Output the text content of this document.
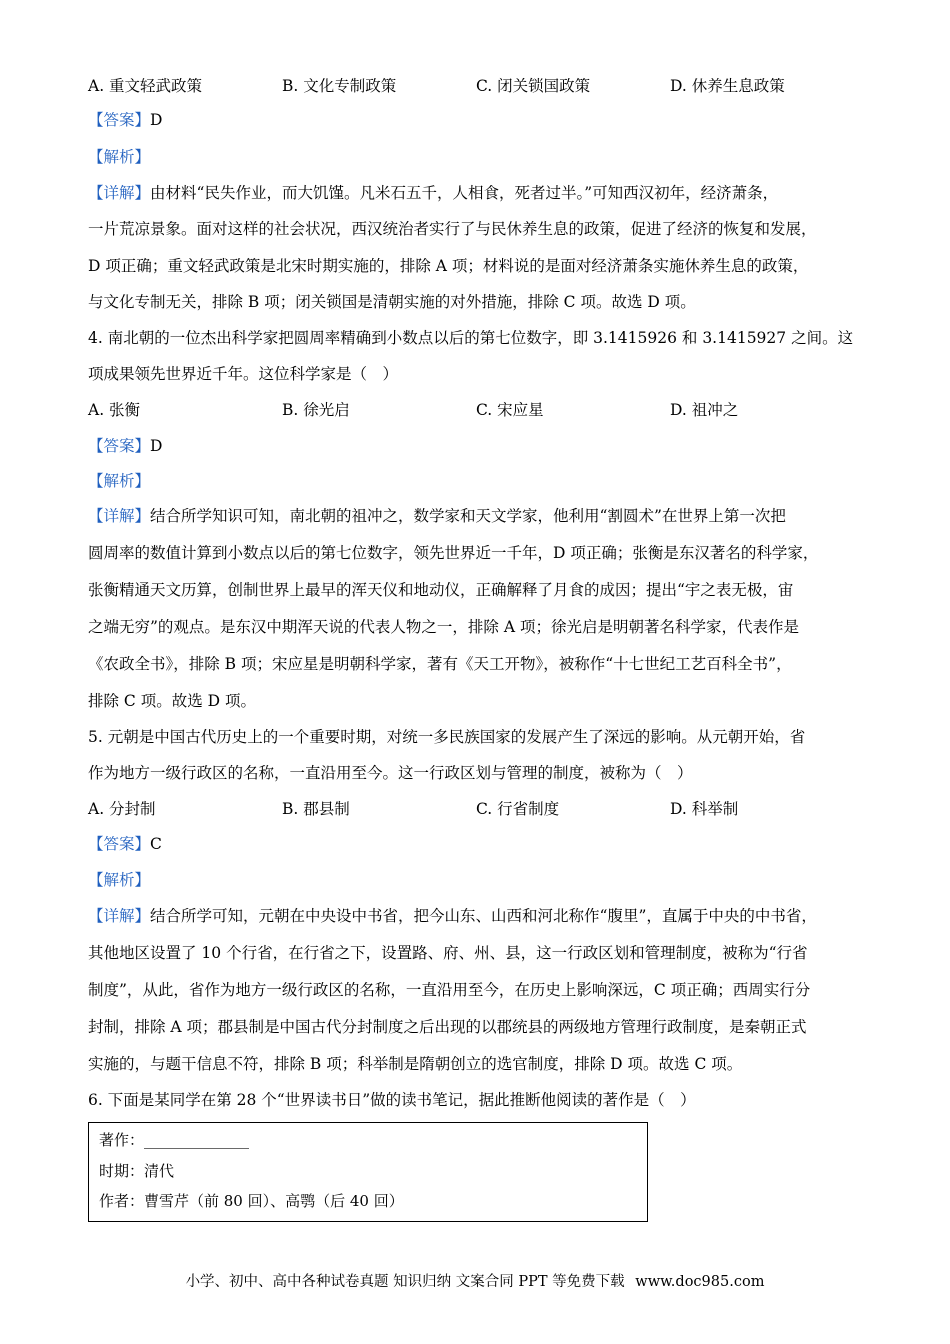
A. 重文轻武政策	B. 文化专制政策	C. 闭关锁国政策	D. 休养生息政策
【答案】D
【解析】
【详解】由材料“民失作业，而大饥馑。凡米石五千，人相食，死者过半。”可知西汉初年，经济萧条，
一片荒凉景象。面对这样的社会状况，西汉统治者实行了与民休养生息的政策，促进了经济的恢复和发展，
D 项正确；重文轻武政策是北宋时期实施的，排除 A 项；材料说的是面对经济萧条实施休养生息的政策，
与文化专制无关，排除 B 项；闭关锁国是清朝实施的对外措施，排除 C 项。故选 D 项。
4. 南北朝的一位杰出科学家把圆周率精确到小数点以后的第七位数字，即 3.1415926 和 3.1415927 之间。这
项成果领先世界近千年。这位科学家是（　）
A. 张衡	B. 徐光启	C. 宋应星	D. 祖冲之
【答案】D
【解析】
【详解】结合所学知识可知，南北朝的祖冲之，数学家和天文学家，他利用“割圆术”在世界上第一次把
圆周率的数值计算到小数点以后的第七位数字，领先世界近一千年，D 项正确；张衡是东汉著名的科学家，
张衡精通天文历算，创制世界上最早的浑天仪和地动仪，正确解释了月食的成因；提出“宇之表无极，宙
之端无穷”的观点。是东汉中期浑天说的代表人物之一，排除 A 项；徐光启是明朝著名科学家，代表作是
《农政全书》，排除 B 项；宋应星是明朝科学家，著有《天工开物》，被称作“十七世纪工艺百科全书”，
排除 C 项。故选 D 项。
5. 元朝是中国古代历史上的一个重要时期，对统一多民族国家的发展产生了深远的影响。从元朝开始，省
作为地方一级行政区的名称，一直沿用至今。这一行政区划与管理的制度，被称为（　）
A. 分封制	B. 郡县制	C. 行省制度	D. 科举制
【答案】C
【解析】
【详解】结合所学可知，元朝在中央设中书省，把今山东、山西和河北称作“腹里”，直属于中央的中书省，
其他地区设置了 10 个行省，在行省之下，设置路、府、州、县，这一行政区划和管理制度，被称为“行省
制度”，从此，省作为地方一级行政区的名称，一直沿用至今，在历史上影响深远，C 项正确；西周实行分
封制，排除 A 项；郡县制是中国古代分封制度之后出现的以郡统县的两级地方管理行政制度，是秦朝正式
实施的，与题干信息不符，排除 B 项；科举制是隋朝创立的选官制度，排除 D 项。故选 C 项。
6. 下面是某同学在第 28 个“世界读书日”做的读书笔记，据此推断他阅读的著作是（　）
著作：______________
时期：清代
作者：曹雪芹（前 80 回）、高鹗（后 40 回）
小学、初中、高中各种试卷真题 知识归纳 文案合同 PPT 等免费下载 www.doc985.com
